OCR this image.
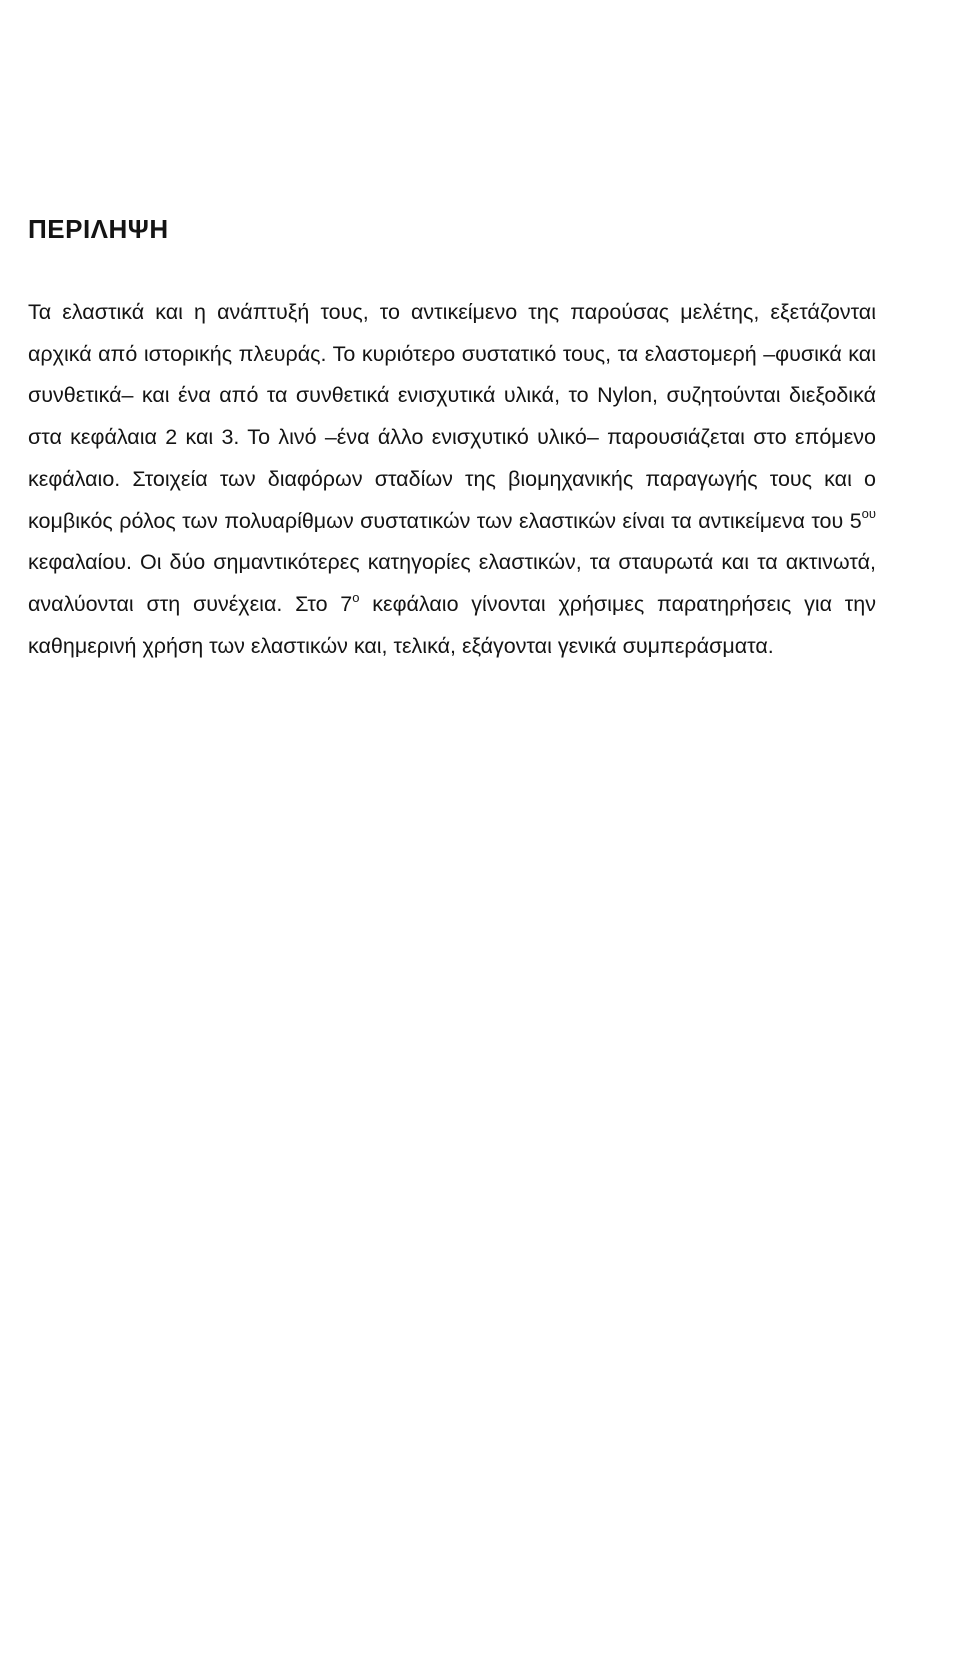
ΠΕΡΙΛΗΨΗ

Τα ελαστικά και η ανάπτυξή τους, το αντικείμενο της παρούσας μελέτης, εξετάζονται αρχικά από ιστορικής πλευράς. Το κυριότερο συστατικό τους, τα ελαστομερή –φυσικά και συνθετικά– και ένα από τα συνθετικά ενισχυτικά υλικά, το Nylon, συζητούνται διεξοδικά στα κεφάλαια 2 και 3. Το λινό –ένα άλλο ενισχυτικό υλικό– παρουσιάζεται στο επόμενο κεφάλαιο. Στοιχεία των διαφόρων σταδίων της βιομηχανικής παραγωγής τους και ο κομβικός ρόλος των πολυαρίθμων συστατικών των ελαστικών είναι τα αντικείμενα του $5^{o\upsilon}$ κεφαλαίου. Οι δύο σημαντικότερες κατηγορίες ελαστικών, τα σταυρωτά και τα ακτινωτά, αναλύονται στη συνέχεια. Στο $7^o$ κεφάλαιο γίνονται χρήσιμες παρατηρήσεις για την καθημερινή χρήση των ελαστικών και, τελικά, εξάγονται γενικά συμπεράσματα.
